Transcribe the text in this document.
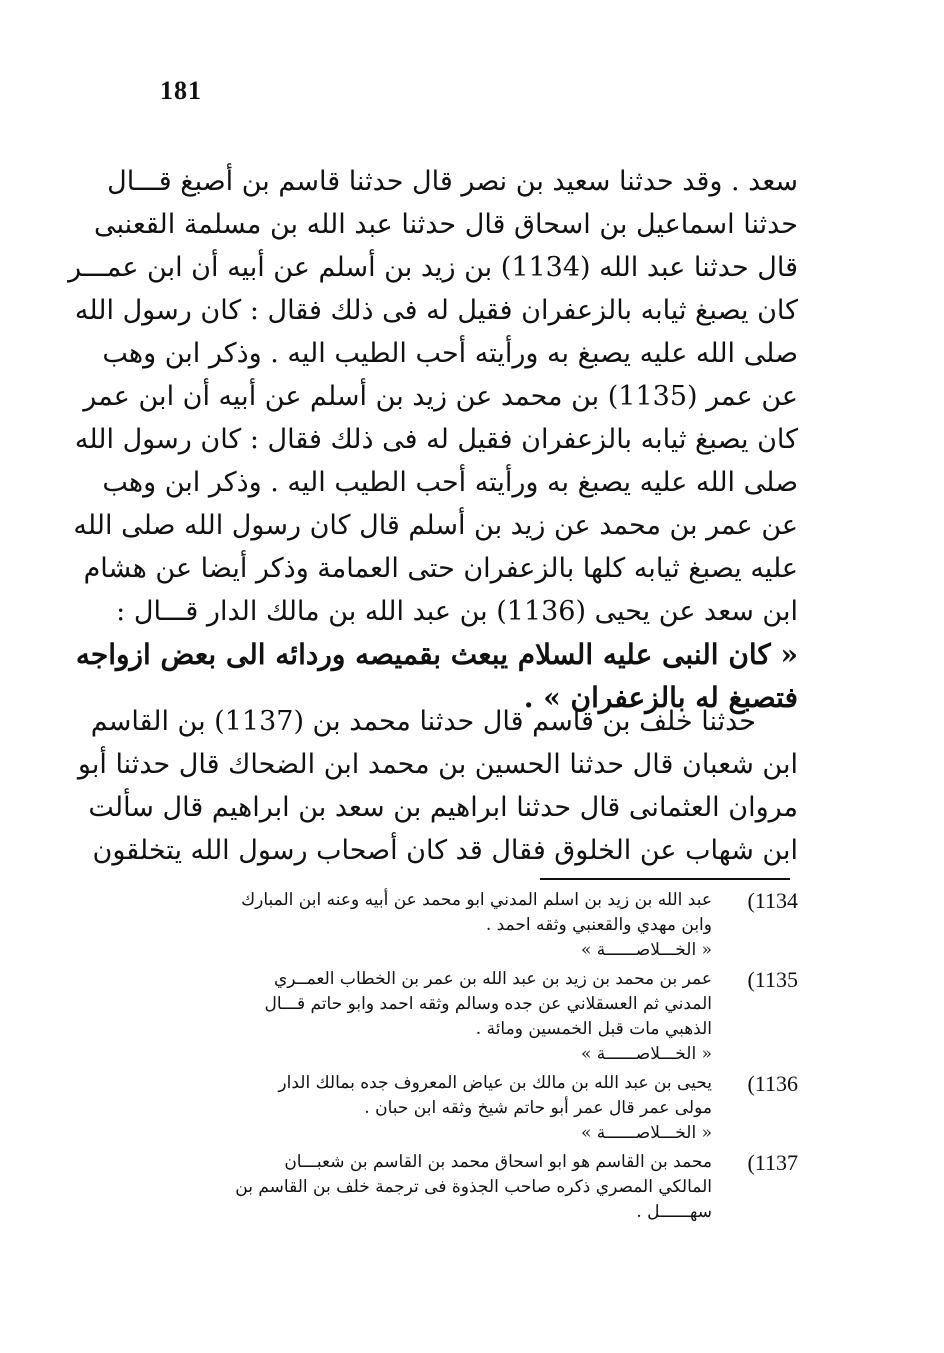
181
سعد . وقد حدثنا سعيد بن نصر قال حدثنا قاسم بن أصبغ قـــال
حدثنا اسماعيل بن اسحاق قال حدثنا عبد الله بن مسلمة القعنبى
قال حدثنا عبد الله (1134) بن زيد بن أسلم عن أبيه أن ابن عمـــر
كان يصبغ ثيابه بالزعفران فقيل له فى ذلك فقال : كان رسول الله
صلى الله عليه يصبغ به ورأيته أحب الطيب اليه . وذكر ابن وهب
عن عمر (1135) بن محمد عن زيد بن أسلم عن أبيه أن ابن عمر
كان يصبغ ثيابه بالزعفران فقيل له فى ذلك فقال : كان رسول الله
صلى الله عليه يصبغ به ورأيته أحب الطيب اليه . وذكر ابن وهب
عن عمر بن محمد عن زيد بن أسلم قال كان رسول الله صلى الله
عليه يصبغ ثيابه كلها بالزعفران حتى العمامة وذكر أيضا عن هشام
ابن سعد عن يحيى (1136) بن عبد الله بن مالك الدار قـــال :
« كان النبى عليه السلام يبعث بقميصه وردائه الى بعض ازواجه
فتصبغ له بالزعفران » .
حدثنا خلف بن قاسم قال حدثنا محمد بن (1137) بن القاسم
ابن شعبان قال حدثنا الحسين بن محمد ابن الضحاك قال حدثنا أبو
مروان العثمانى قال حدثنا ابراهيم بن سعد بن ابراهيم قال سألت
ابن شهاب عن الخلوق فقال قد كان أصحاب رسول الله يتخلقون
(1134
عبد الله بن زيد بن اسلم المدني ابو محمد عن أبيه وعنه ابن المبارك
وابن مهدي والقعنبي وثقه احمد .
« الخـــلاصــــــة »
(1135
عمر بن محمد بن زيد بن عبد الله بن عمر بن الخطاب العمــري
المدني ثم العسقلاني عن جده وسالم وثقه احمد وابو حاتم قـــال
الذهبي مات قبل الخمسين ومائة .
« الخـــلاصــــــة »
(1136
يحيى بن عبد الله بن مالك بن عياض المعروف جده بمالك الدار
مولى عمر قال عمر أبو حاتم شيخ وثقه ابن حبان .
« الخـــلاصــــــة »
(1137
محمد بن القاسم هو ابو اسحاق محمد بن القاسم بن شعبـــان
المالكي المصري ذكره صاحب الجذوة فى ترجمة خلف بن القاسم بن
سهــــــل .
